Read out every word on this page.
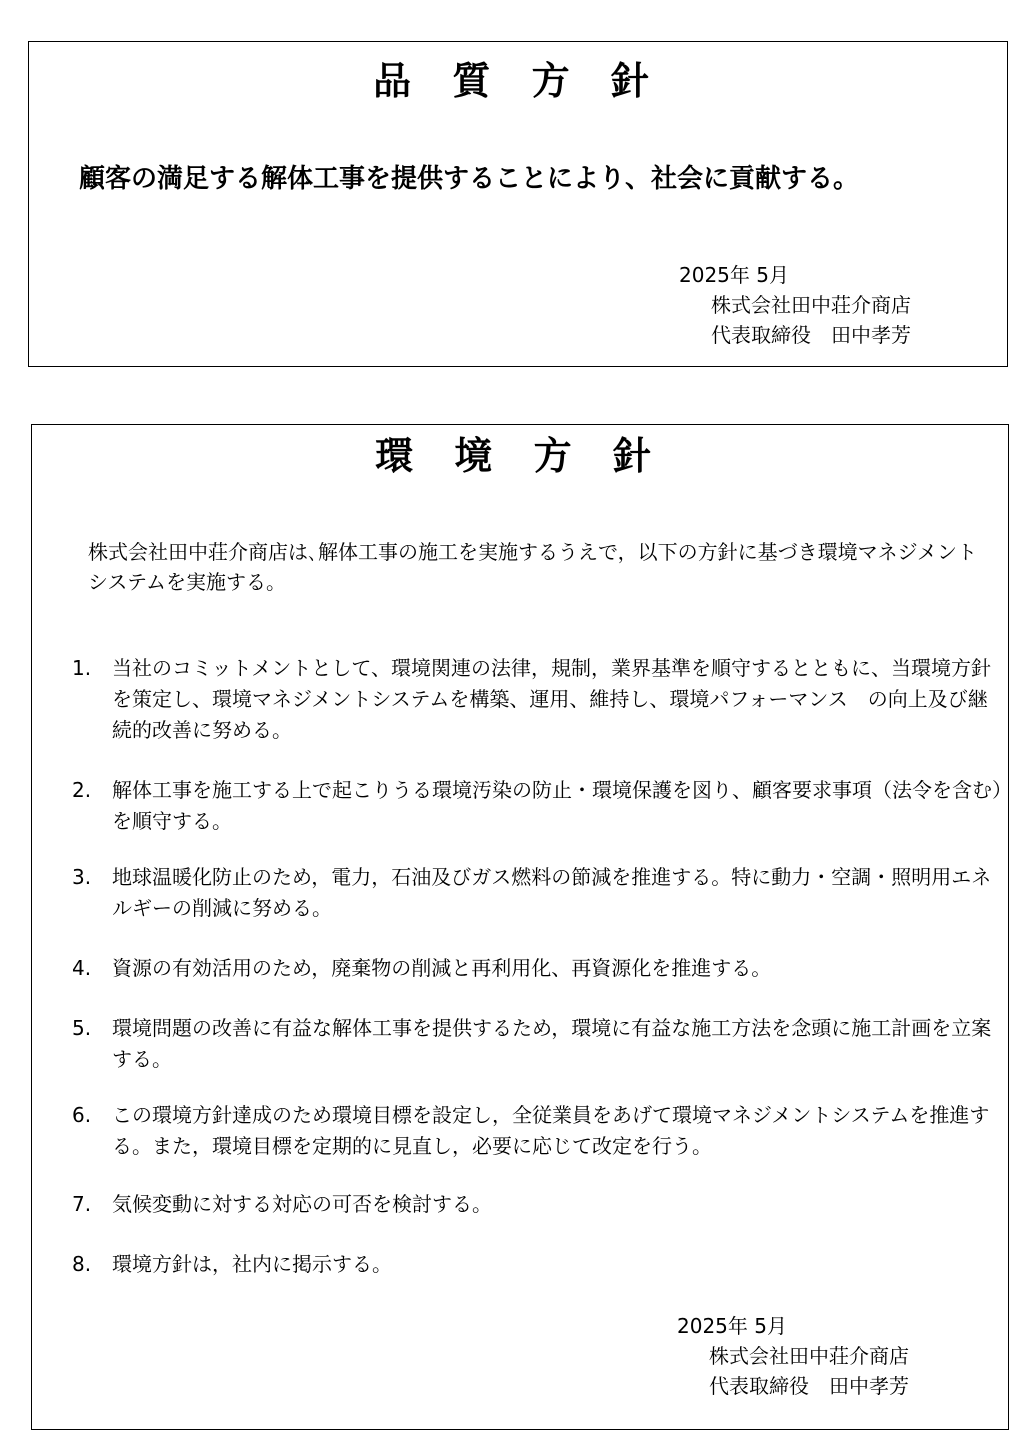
品 質 方 針
顧客の満足する解体工事を提供することにより、社会に貢献する。
2025年 5月
株式会社田中荘介商店
代表取締役　田中孝芳
環 境 方 針
株式会社田中荘介商店は､解体工事の施工を実施するうえで，以下の方針に基づき環境マネジメントシステムを実施する。
1.	当社のコミットメントとして、環境関連の法律，規制，業界基準を順守するとともに、当環境方針を策定し、環境マネジメントシステムを構築、運用、維持し、環境パフォーマンス　の向上及び継続的改善に努める。
2.	解体工事を施工する上で起こりうる環境汚染の防止・環境保護を図り、顧客要求事項（法令を含む）を順守する。
3.	地球温暖化防止のため，電力，石油及びガス燃料の節減を推進する。特に動力・空調・照明用エネルギーの削減に努める。
4.	資源の有効活用のため，廃棄物の削減と再利用化、再資源化を推進する。
5.	環境問題の改善に有益な解体工事を提供するため，環境に有益な施工方法を念頭に施工計画を立案する。
6.	この環境方針達成のため環境目標を設定し，全従業員をあげて環境マネジメントシステムを推進する。また，環境目標を定期的に見直し，必要に応じて改定を行う。
7.	気候変動に対する対応の可否を検討する。
8.	環境方針は，社内に掲示する。
2025年 5月
株式会社田中荘介商店
代表取締役　田中孝芳
